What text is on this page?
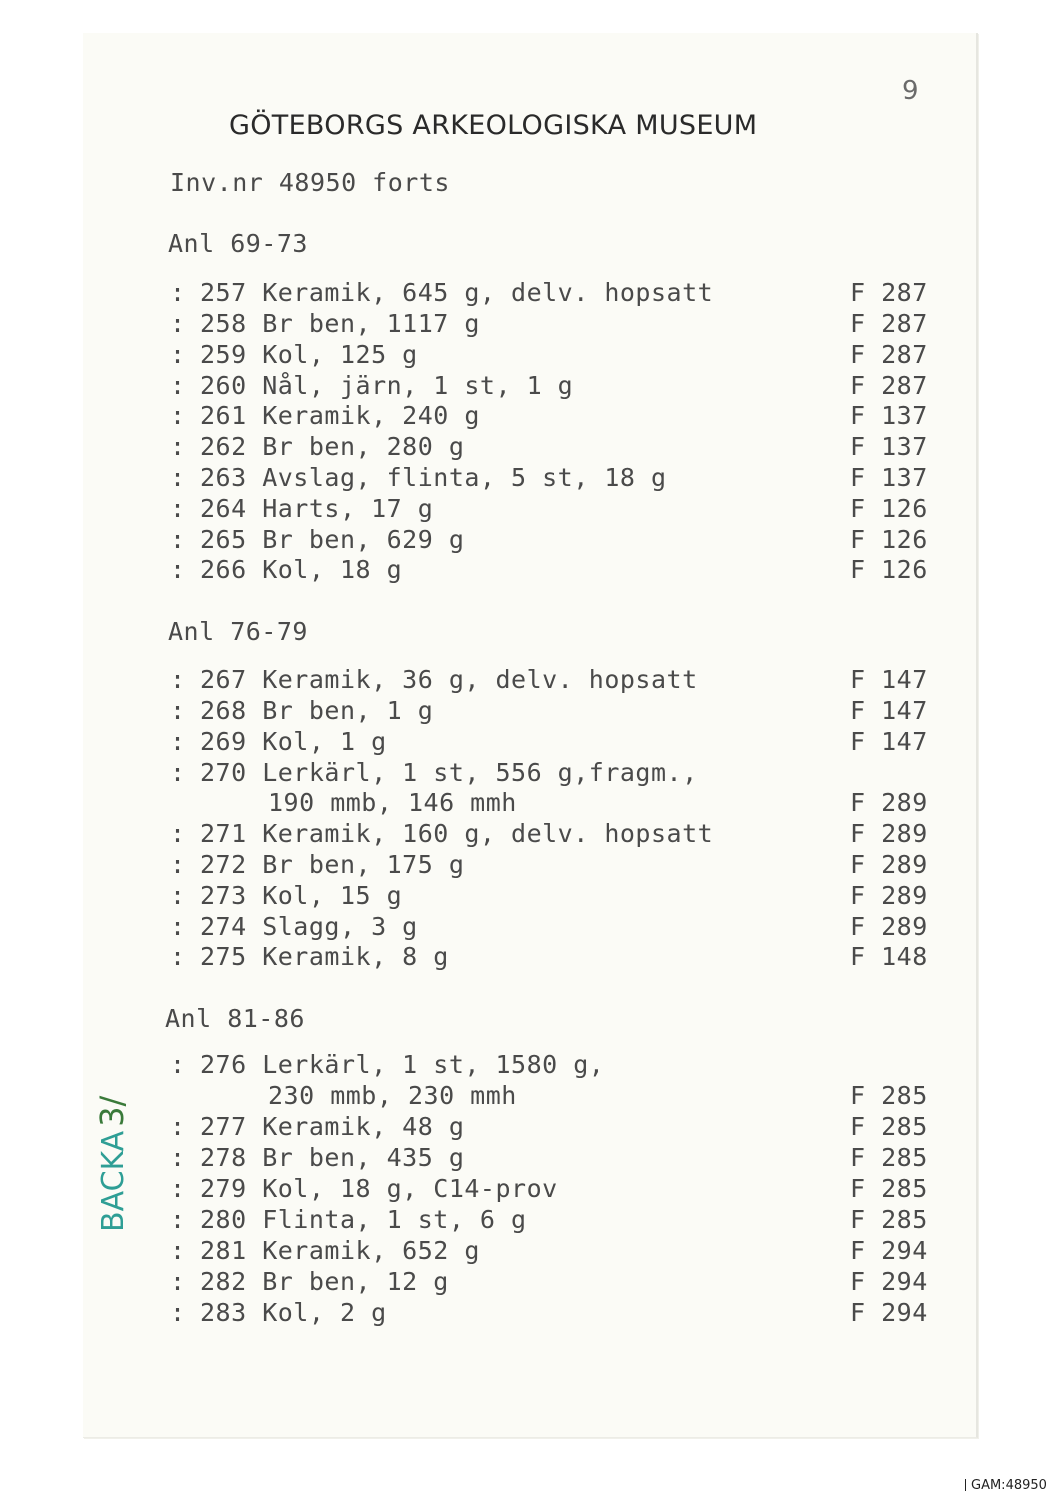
9
GÖTEBORGS ARKEOLOGISKA MUSEUM
Inv.nr 48950 forts
Anl 69-73
: 257 Keramik, 645 g, delv. hopsatt	F 287
: 258 Br ben, 1117 g	F 287
: 259 Kol, 125 g	F 287
: 260 Nål, järn, 1 st, 1 g	F 287
: 261 Keramik, 240 g	F 137
: 262 Br ben, 280 g	F 137
: 263 Avslag, flinta, 5 st, 18 g	F 137
: 264 Harts, 17 g	F 126
: 265 Br ben, 629 g	F 126
: 266 Kol, 18 g	F 126
Anl 76-79
: 267 Keramik, 36 g, delv. hopsatt	F 147
: 268 Br ben, 1 g	F 147
: 269 Kol, 1 g	F 147
: 270 Lerkärl, 1 st, 556 g,fragm.,
190 mmb, 146 mmh	F 289
: 271 Keramik, 160 g, delv. hopsatt	F 289
: 272 Br ben, 175 g	F 289
: 273 Kol, 15 g	F 289
: 274 Slagg, 3 g	F 289
: 275 Keramik, 8 g	F 148
Anl 81-86
: 276 Lerkärl, 1 st, 1580 g,
230 mmb, 230 mmh	F 285
: 277 Keramik, 48 g	F 285
: 278 Br ben, 435 g	F 285
: 279 Kol, 18 g, C14-prov	F 285
: 280 Flinta, 1 st, 6 g	F 285
: 281 Keramik, 652 g	F 294
: 282 Br ben, 12 g	F 294
: 283 Kol, 2 g	F 294
BACKA3/
GAM:48950
